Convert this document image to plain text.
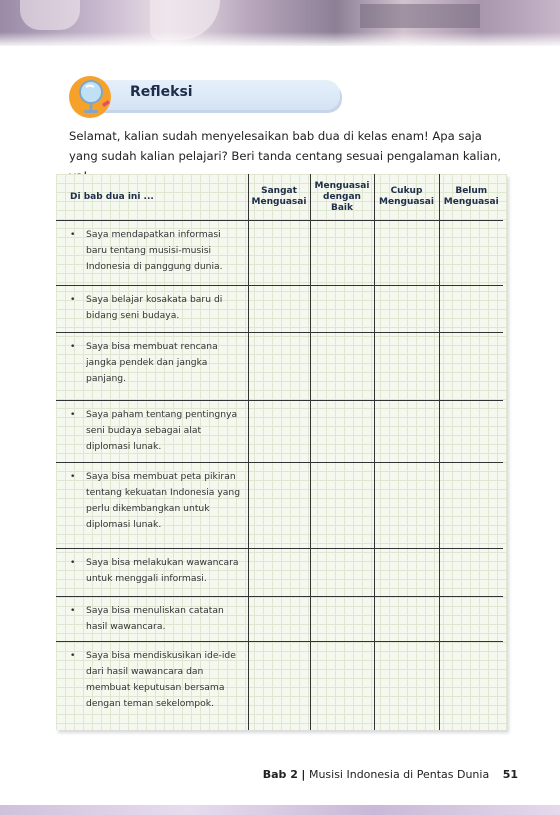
Refleksi
Selamat, kalian sudah menyelesaikan bab dua di kelas enam! Apa saja yang sudah kalian pelajari? Beri tanda centang sesuai pengalaman kalian,
Di bab dua ini ...	Sangat Menguasai	Menguasai dengan Baik	Cukup Menguasai	Belum Menguasai

• Saya mendapatkan informasi baru tentang musisi-musisi Indonesia di panggung dunia.				

• Saya belajar kosakata baru di bidang seni budaya.				

• Saya bisa membuat rencana jangka pendek dan jangka panjang.				

• Saya paham tentang pentingnya seni budaya sebagai alat diplomasi lunak.				

• Saya bisa membuat peta pikiran tentang kekuatan Indonesia yang perlu dikembangkan untuk diplomasi lunak.				

• Saya bisa melakukan wawancara untuk menggali informasi.				

• Saya bisa menuliskan catatan hasil wawancara.				

• Saya bisa mendiskusikan ide-ide dari hasil wawancara dan membuat keputusan bersama dengan teman sekelompok.				

Bab 2 | Musisi Indonesia di Pentas Dunia 51
